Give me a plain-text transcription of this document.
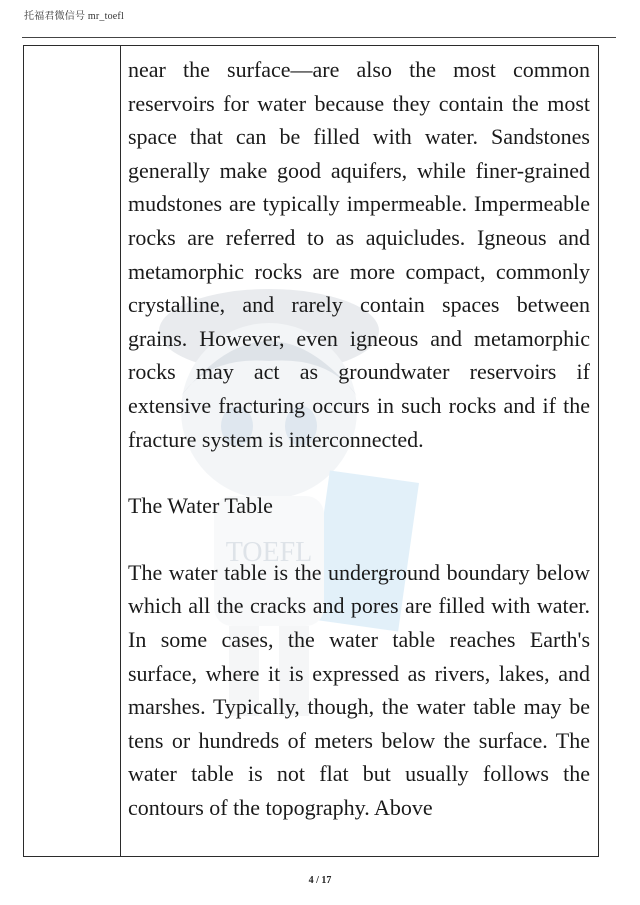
托福君微信号 mr_toefl
TOEFL

near the surface—are also the most common reservoirs for water because they contain the most space that can be filled with water. Sandstones generally make good aquifers, while finer-grained mudstones are typically impermeable. Impermeable rocks are referred to as aquicludes. Igneous and metamorphic rocks are more compact, commonly crystalline, and rarely contain spaces between grains. However, even igneous and metamorphic rocks may act as groundwater reservoirs if extensive fracturing occurs in such rocks and if the fracture system is interconnected.

The Water Table

The water table is the underground boundary below which all the cracks and pores are filled with water. In some cases, the water table reaches Earth's surface, where it is expressed as rivers, lakes, and marshes. Typically, though, the water table may be tens or hundreds of meters below the surface. The water table is not flat but usually follows the contours of the topography. Above

4 / 17
